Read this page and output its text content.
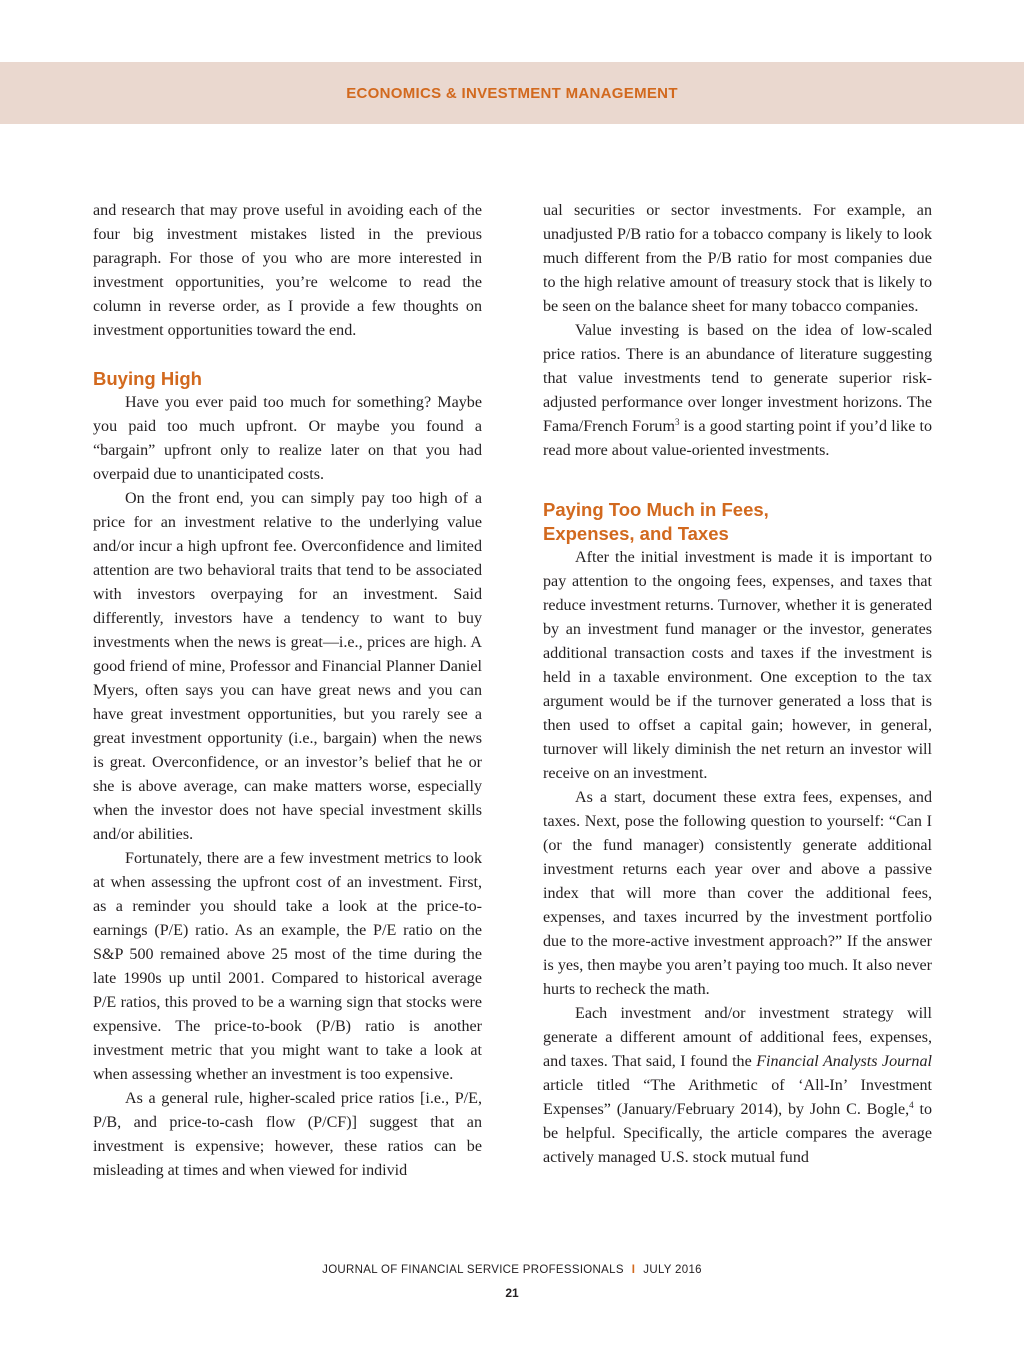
ECONOMICS & INVESTMENT MANAGEMENT

and research that may prove useful in avoiding each of the four big investment mistakes listed in the previous paragraph. For those of you who are more interested in investment opportunities, you’re welcome to read the column in reverse order, as I provide a few thoughts on investment opportunities toward the end.

Buying High

Have you ever paid too much for something? Maybe you paid too much upfront. Or maybe you found a “bargain” upfront only to realize later on that you had overpaid due to unanticipated costs.

On the front end, you can simply pay too high of a price for an investment relative to the underlying value and/or incur a high upfront fee. Overconfidence and limited attention are two behavioral traits that tend to be associated with investors overpaying for an investment. Said differently, investors have a tendency to want to buy investments when the news is great—i.e., prices are high. A good friend of mine, Professor and Financial Planner Daniel Myers, often says you can have great news and you can have great investment opportunities, but you rarely see a great investment opportunity (i.e., bargain) when the news is great. Overconfidence, or an investor’s belief that he or she is above average, can make matters worse, especially when the investor does not have special investment skills and/or abilities.

Fortunately, there are a few investment metrics to look at when assessing the upfront cost of an investment. First, as a reminder you should take a look at the price-to-earnings (P/E) ratio. As an example, the P/E ratio on the S&P 500 remained above 25 most of the time during the late 1990s up until 2001. Compared to historical average P/E ratios, this proved to be a warning sign that stocks were expensive. The price-to-book (P/B) ratio is another investment metric that you might want to take a look at when assessing whether an investment is too expensive.

As a general rule, higher-scaled price ratios [i.e., P/E, P/B, and price-to-cash flow (P/CF)] suggest that an investment is expensive; however, these ratios can be misleading at times and when viewed for individ

ual securities or sector investments. For example, an unadjusted P/B ratio for a tobacco company is likely to look much different from the P/B ratio for most companies due to the high relative amount of treasury stock that is likely to be seen on the balance sheet for many tobacco companies.

Value investing is based on the idea of low-scaled price ratios. There is an abundance of literature suggesting that value investments tend to generate superior risk-adjusted performance over longer investment horizons. The Fama/French Forum$^3$ is a good starting point if you’d like to read more about value-oriented investments.

Paying Too Much in Fees,
Expenses, and Taxes

After the initial investment is made it is important to pay attention to the ongoing fees, expenses, and taxes that reduce investment returns. Turnover, whether it is generated by an investment fund manager or the investor, generates additional transaction costs and taxes if the investment is held in a taxable environment. One exception to the tax argument would be if the turnover generated a loss that is then used to offset a capital gain; however, in general, turnover will likely diminish the net return an investor will receive on an investment.

As a start, document these extra fees, expenses, and taxes. Next, pose the following question to yourself: “Can I (or the fund manager) consistently generate additional investment returns each year over and above a passive index that will more than cover the additional fees, expenses, and taxes incurred by the investment portfolio due to the more-active investment approach?” If the answer is yes, then maybe you aren’t paying too much. It also never hurts to recheck the math.

Each investment and/or investment strategy will generate a different amount of additional fees, expenses, and taxes. That said, I found the Financial Analysts Journal article titled “The Arithmetic of ‘All-In’ Investment Expenses” (January/February 2014), by John C. Bogle,$^4$ to be helpful. Specifically, the article compares the average actively managed U.S. stock mutual fund

JOURNAL OF FINANCIAL SERVICE PROFESSIONALS I JULY 2016
21
